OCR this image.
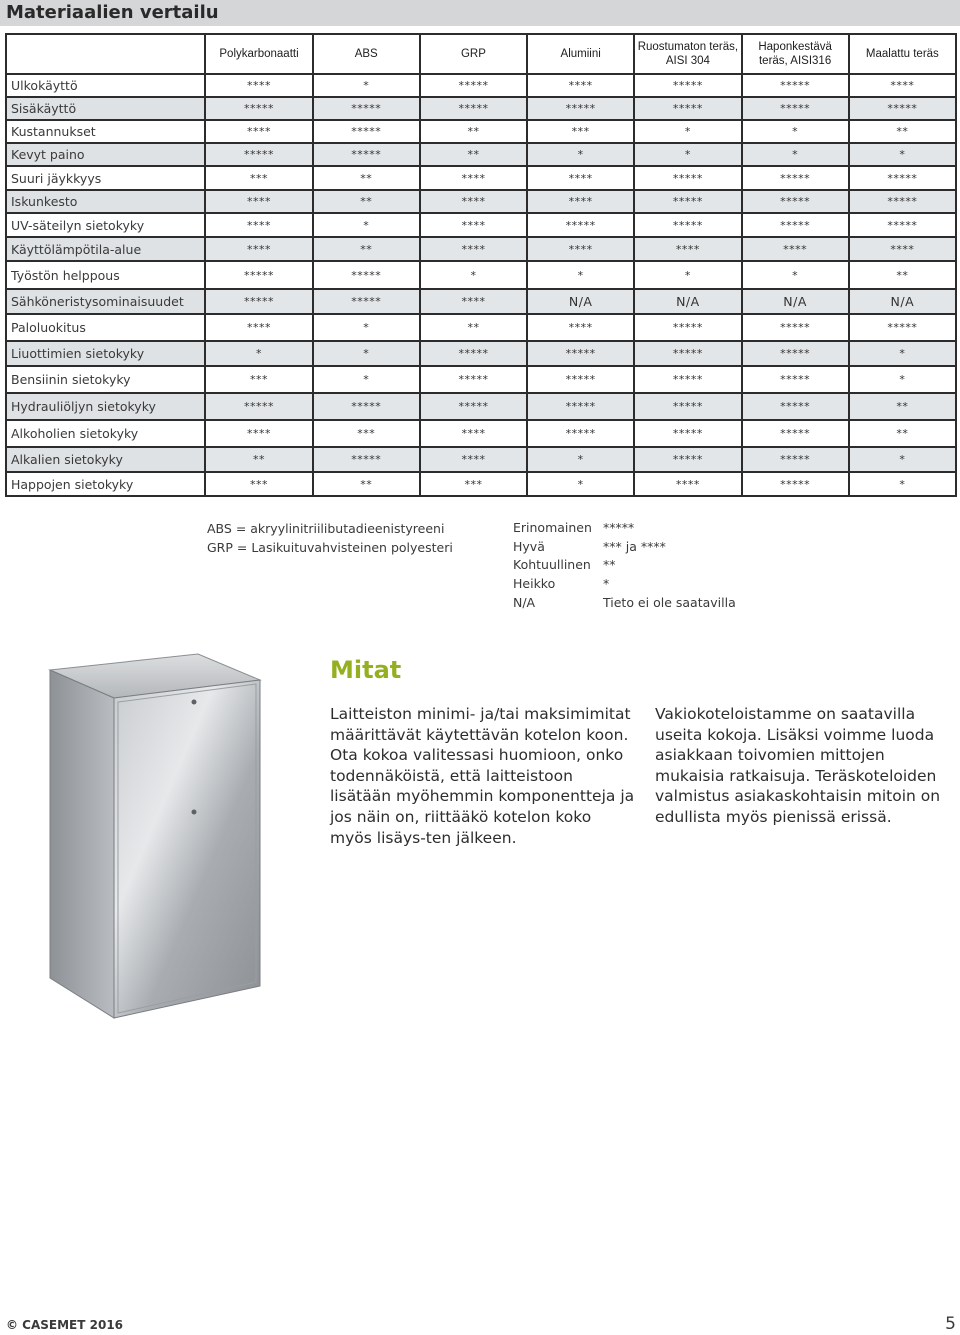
Materiaalien vertailu
	Polykarbonaatti	ABS	GRP	Alumiini	Ruostumaton teräs, AISI 304	Haponkestävä teräs, AISI316	Maalattu teräs
Ulkokäyttö	****	*	*****	****	*****	*****	****
Sisäkäyttö	*****	*****	*****	*****	*****	*****	*****
Kustannukset	****	*****	**	***	*	*	**
Kevyt paino	*****	*****	**	*	*	*	*
Suuri jäykkyys	***	**	****	****	*****	*****	*****
Iskunkesto	****	**	****	****	*****	*****	*****
UV-säteilyn sietokyky	****	*	****	*****	*****	*****	*****
Käyttölämpötila-alue	****	**	****	****	****	****	****
Työstön helppous	*****	*****	*	*	*	*	**
Sähköneristysominaisuudet	*****	*****	****	N/A	N/A	N/A	N/A
Paloluokitus	****	*	**	****	*****	*****	*****
Liuottimien sietokyky	*	*	*****	*****	*****	*****	*
Bensiinin sietokyky	***	*	*****	*****	*****	*****	*
Hydrauliöljyn sietokyky	*****	*****	*****	*****	*****	*****	**
Alkoholien sietokyky	****	***	****	*****	*****	*****	**
Alkalien sietokyky	**	*****	****	*	*****	*****	*
Happojen sietokyky	***	**	***	*	****	*****	*
ABS = akryylinitriilibutadieenistyreeni
GRP = Lasikuituvahvisteinen polyesteri
Erinomainen *****
Hyvä	*** ja ****
Kohtuullinen **
Heikko	*
N/A	Tieto ei ole saatavilla
Mitat
Laitteiston minimi- ja/tai maksimimitat määrittävät käytettävän kotelon koon. Ota kokoa valitessasi huomioon, onko todennäköistä, että laitteistoon lisätään myöhemmin komponentteja ja jos näin on, riittääkö kotelon koko myös lisäys-ten jälkeen.
Vakiokoteloistamme on saatavilla useita kokoja. Lisäksi voimme luoda asiakkaan toivomien mittojen mukaisia ratkaisuja. Teräskoteloiden valmistus asiakaskohtaisin mitoin on edullista myös pienissä erissä.
© CASEMET 2016	5
